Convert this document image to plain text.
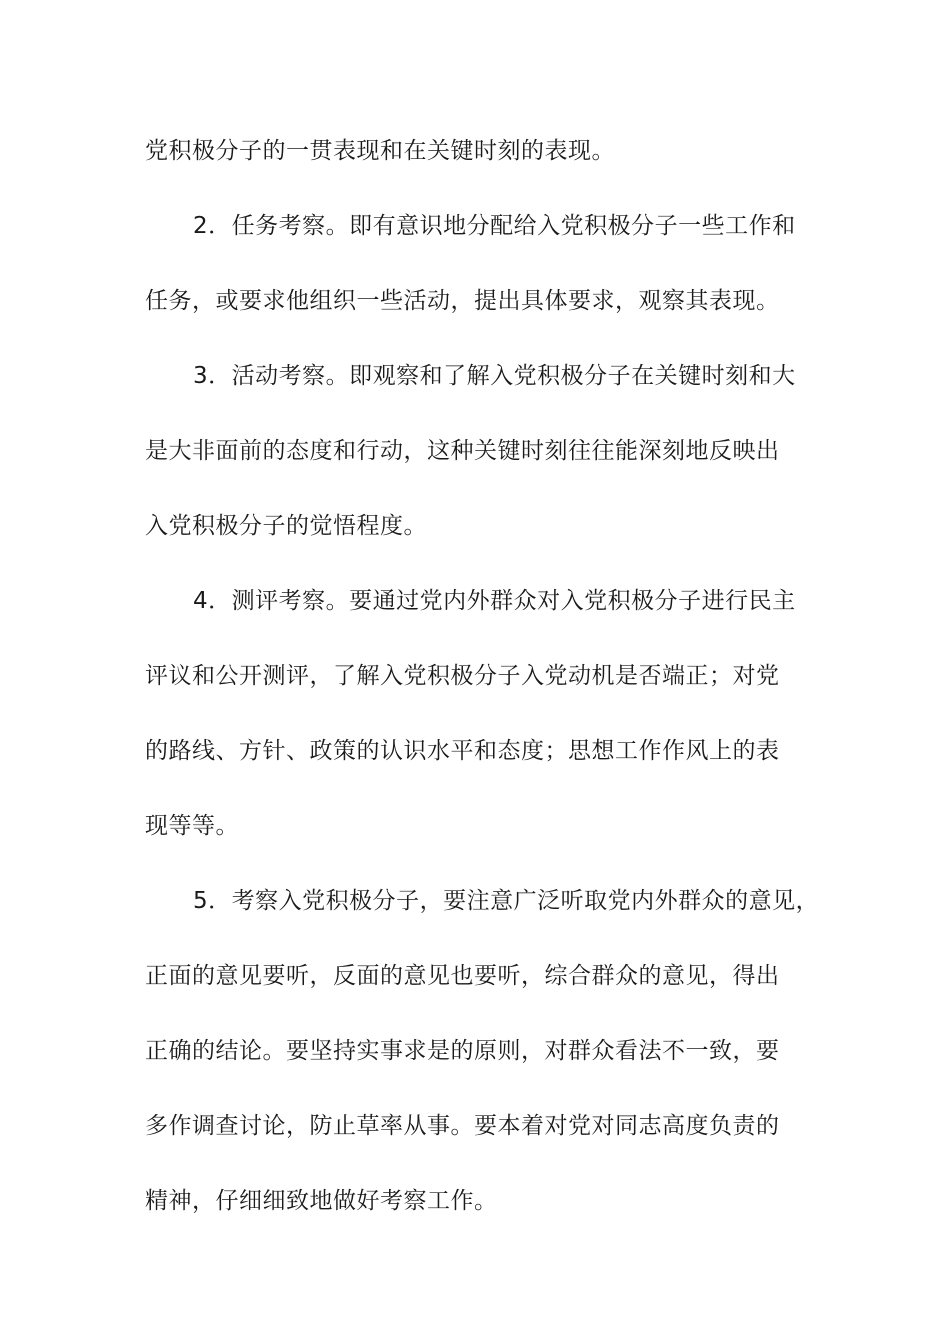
党积极分子的一贯表现和在关键时刻的表现。
2．任务考察。即有意识地分配给入党积极分子一些工作和
任务，或要求他组织一些活动，提出具体要求，观察其表现。
3．活动考察。即观察和了解入党积极分子在关键时刻和大
是大非面前的态度和行动，这种关键时刻往往能深刻地反映出
入党积极分子的觉悟程度。
4．测评考察。要通过党内外群众对入党积极分子进行民主
评议和公开测评，了解入党积极分子入党动机是否端正；对党
的路线、方针、政策的认识水平和态度；思想工作作风上的表
现等等。
5．考察入党积极分子，要注意广泛听取党内外群众的意见，
正面的意见要听，反面的意见也要听，综合群众的意见，得出
正确的结论。要坚持实事求是的原则，对群众看法不一致，要
多作调查讨论，防止草率从事。要本着对党对同志高度负责的
精神，仔细细致地做好考察工作。
